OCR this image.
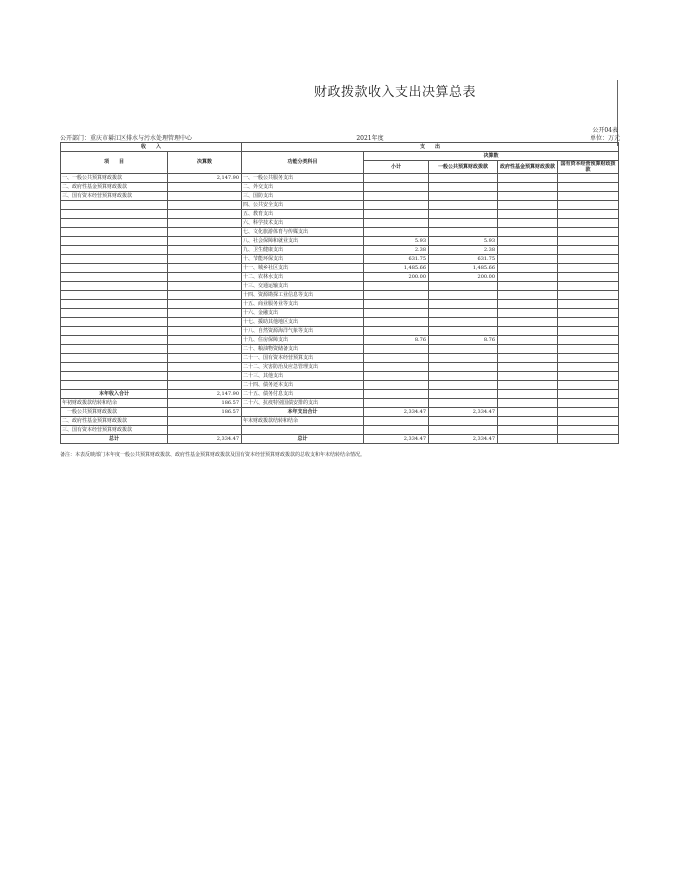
财政拨款收入支出决算总表
公开04表
公开部门：重庆市綦江区排水与污水处理管理中心	2021年度	单位：万元
收　　入		支　　出				
项　　目	决算数	功能分类科目	决算数			
			小计	一般公共预算财政拨款	政府性基金预算财政拨款	国有资本经营预算财政拨款

一、一般公共预算财政拨款	2,147.90	一、一般公共服务支出				
二、政府性基金预算财政拨款		二、外交支出				
三、国有资本经营预算财政拨款		三、国防支出				
		四、公共安全支出				
		五、教育支出				
		六、科学技术支出				
		七、文化旅游体育与传媒支出				
		八、社会保障和就业支出	5.93	5.93		
		九、卫生健康支出	2.38	2.38		
		十、节能环保支出	631.75	631.75		
		十一、城乡社区支出	1,485.66	1,485.66		
		十二、农林水支出	200.00	200.00		
		十三、交通运输支出				
		十四、资源勘探工业信息等支出				
		十五、商业服务业等支出				
		十六、金融支出				
		十七、援助其他地区支出				
		十八、自然资源海洋气象等支出				
		十九、住房保障支出	8.76	8.76		
		二十、粮油物资储备支出				
		二十一、国有资本经营预算支出				
		二十二、灾害防治及应急管理支出				
		二十三、其他支出				
		二十四、债务还本支出				
本年收入合计	2,147.90	二十五、债务付息支出				
年初财政拨款结转和结余	186.57	二十六、抗疫特别国债安排的支出				
一般公共预算财政拨款	186.57	本年支出合计	2,334.47	2,334.47		
二、政府性基金预算财政拨款		年末财政拨款结转和结余				
三、国有资本经营预算财政拨款						
总计	2,334.47	总计	2,334.47	2,334.47		
备注：本表反映部门本年度一般公共预算财政拨款、政府性基金预算财政拨款及国有资本经营预算财政拨款的总收支和年末结转结余情况。
